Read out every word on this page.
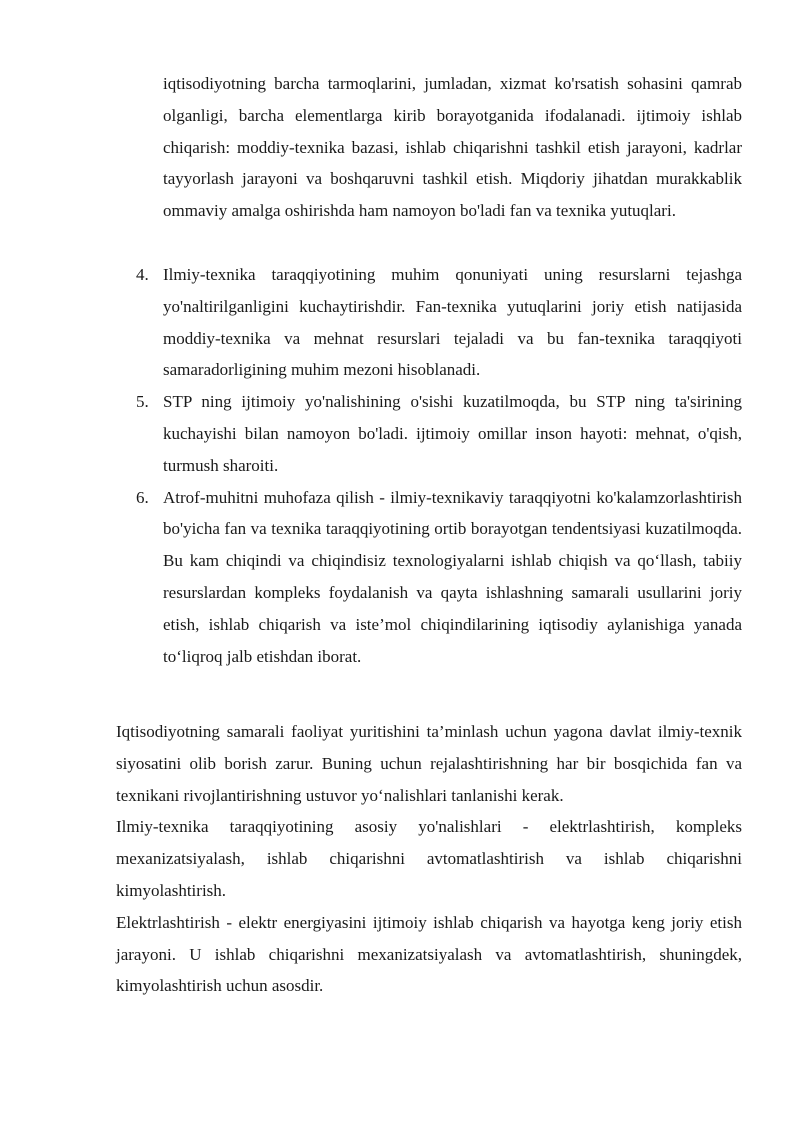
iqtisodiyotning barcha tarmoqlarini, jumladan, xizmat ko'rsatish sohasini qamrab olganligi, barcha elementlarga kirib borayotganida ifodalanadi. ijtimoiy ishlab chiqarish: moddiy-texnika bazasi, ishlab chiqarishni tashkil etish jarayoni, kadrlar tayyorlash jarayoni va boshqaruvni tashkil etish. Miqdoriy jihatdan murakkablik ommaviy amalga oshirishda ham namoyon bo'ladi fan va texnika yutuqlari.
4. Ilmiy-texnika taraqqiyotining muhim qonuniyati uning resurslarni tejashga yo'naltirilganligini kuchaytirishdir. Fan-texnika yutuqlarini joriy etish natijasida moddiy-texnika va mehnat resurslari tejaladi va bu fan-texnika taraqqiyoti samaradorligining muhim mezoni hisoblanadi.
5. STP ning ijtimoiy yo'nalishining o'sishi kuzatilmoqda, bu STP ning ta'sirining kuchayishi bilan namoyon bo'ladi. ijtimoiy omillar inson hayoti: mehnat, o'qish, turmush sharoiti.
6. Atrof-muhitni muhofaza qilish - ilmiy-texnikaviy taraqqiyotni ko'kalamzorlashtirish bo'yicha fan va texnika taraqqiyotining ortib borayotgan tendentsiyasi kuzatilmoqda. Bu kam chiqindi va chiqindisiz texnologiyalarni ishlab chiqish va qo‘llash, tabiiy resurslardan kompleks foydalanish va qayta ishlashning samarali usullarini joriy etish, ishlab chiqarish va iste’mol chiqindilarining iqtisodiy aylanishiga yanada to‘liqroq jalb etishdan iborat.

Iqtisodiyotning samarali faoliyat yuritishini ta’minlash uchun yagona davlat ilmiy-texnik siyosatini olib borish zarur. Buning uchun rejalashtirishning har bir bosqichida fan va texnikani rivojlantirishning ustuvor yo‘nalishlari tanlanishi kerak.

Ilmiy-texnika taraqqiyotining asosiy yo'nalishlari - elektrlashtirish, kompleks mexanizatsiyalash, ishlab chiqarishni avtomatlashtirish va ishlab chiqarishni kimyolashtirish.

Elektrlashtirish - elektr energiyasini ijtimoiy ishlab chiqarish va hayotga keng joriy etish jarayoni. U ishlab chiqarishni mexanizatsiyalash va avtomatlashtirish, shuningdek, kimyolashtirish uchun asosdir.
